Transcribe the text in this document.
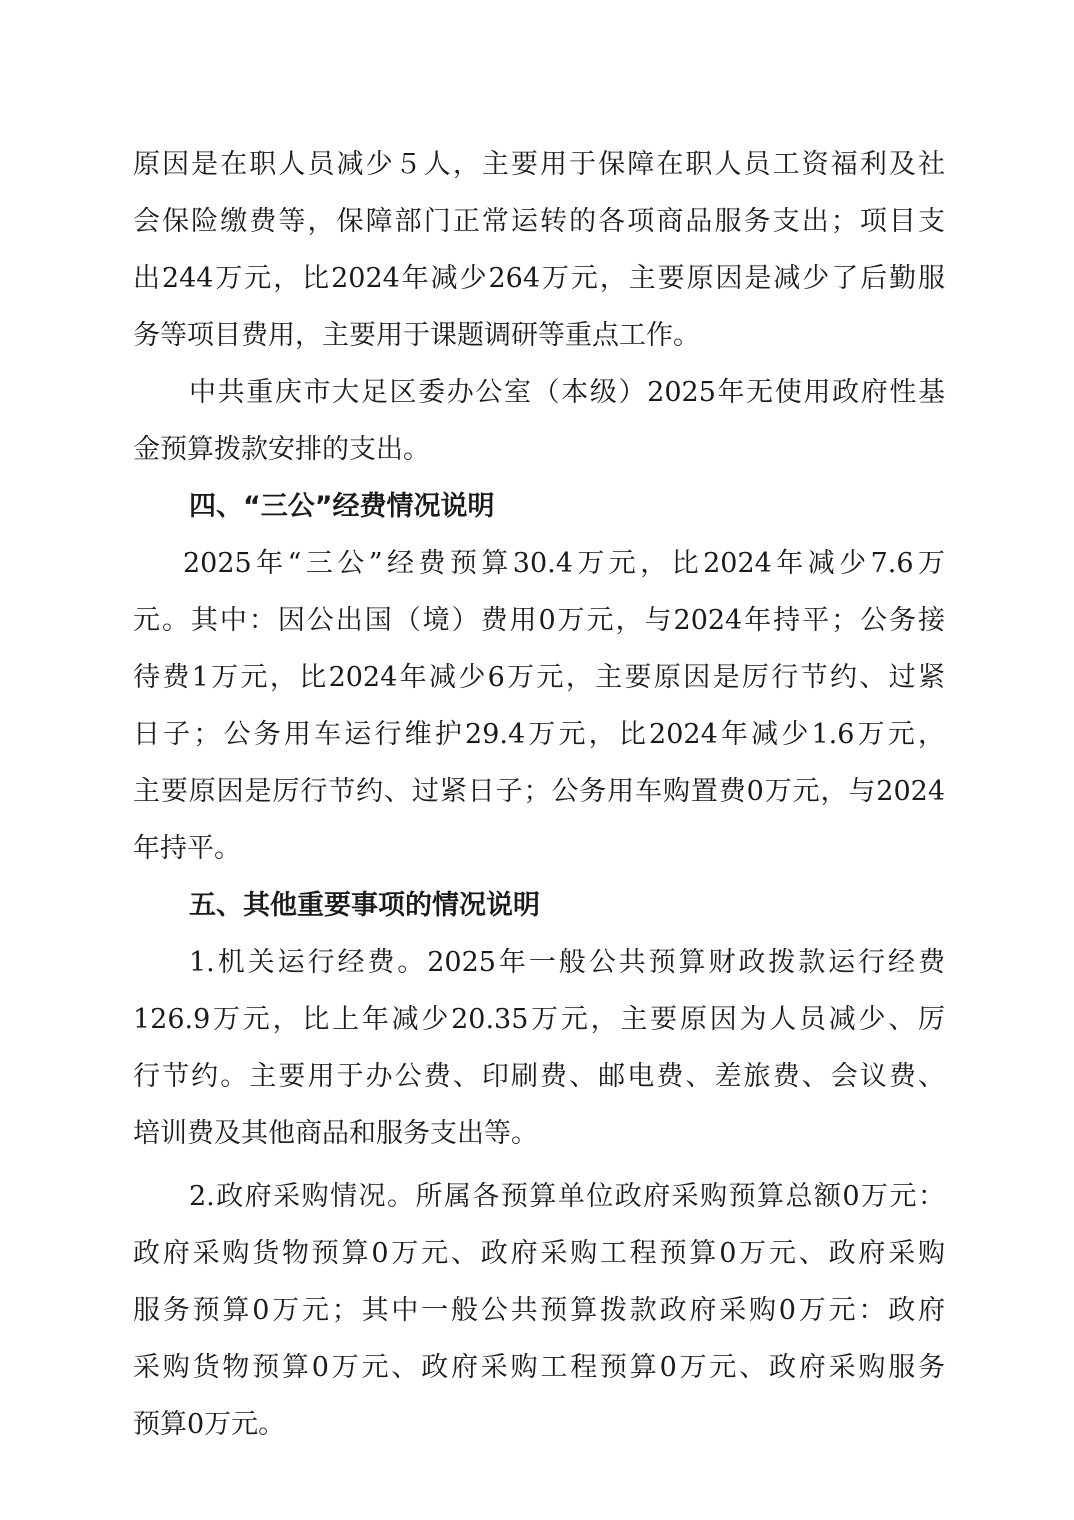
原因是在职人员减少５人，主要用于保障在职人员工资福利及社
会保险缴费等，保障部门正常运转的各项商品服务支出；项目支
出244万元，比2024年减少264万元，主要原因是减少了后勤服
务等项目费用，主要用于课题调研等重点工作。
中共重庆市大足区委办公室（本级）2025年无使用政府性基
金预算拨款安排的支出。
四、“三公”经费情况说明
2025年“三公”经费预算30.4万元，比2024年减少7.6万
元。其中：因公出国（境）费用0万元，与2024年持平；公务接
待费1万元，比2024年减少6万元，主要原因是厉行节约、过紧
日子；公务用车运行维护29.4万元，比2024年减少1.6万元，
主要原因是厉行节约、过紧日子；公务用车购置费0万元，与2024
年持平。
五、其他重要事项的情况说明
1.机关运行经费。2025年一般公共预算财政拨款运行经费
126.9万元，比上年减少20.35万元，主要原因为人员减少、厉
行节约。主要用于办公费、印刷费、邮电费、差旅费、会议费、
培训费及其他商品和服务支出等。
2.政府采购情况。所属各预算单位政府采购预算总额0万元：
政府采购货物预算0万元、政府采购工程预算0万元、政府采购
服务预算0万元；其中一般公共预算拨款政府采购0万元：政府
采购货物预算0万元、政府采购工程预算0万元、政府采购服务
预算0万元。
